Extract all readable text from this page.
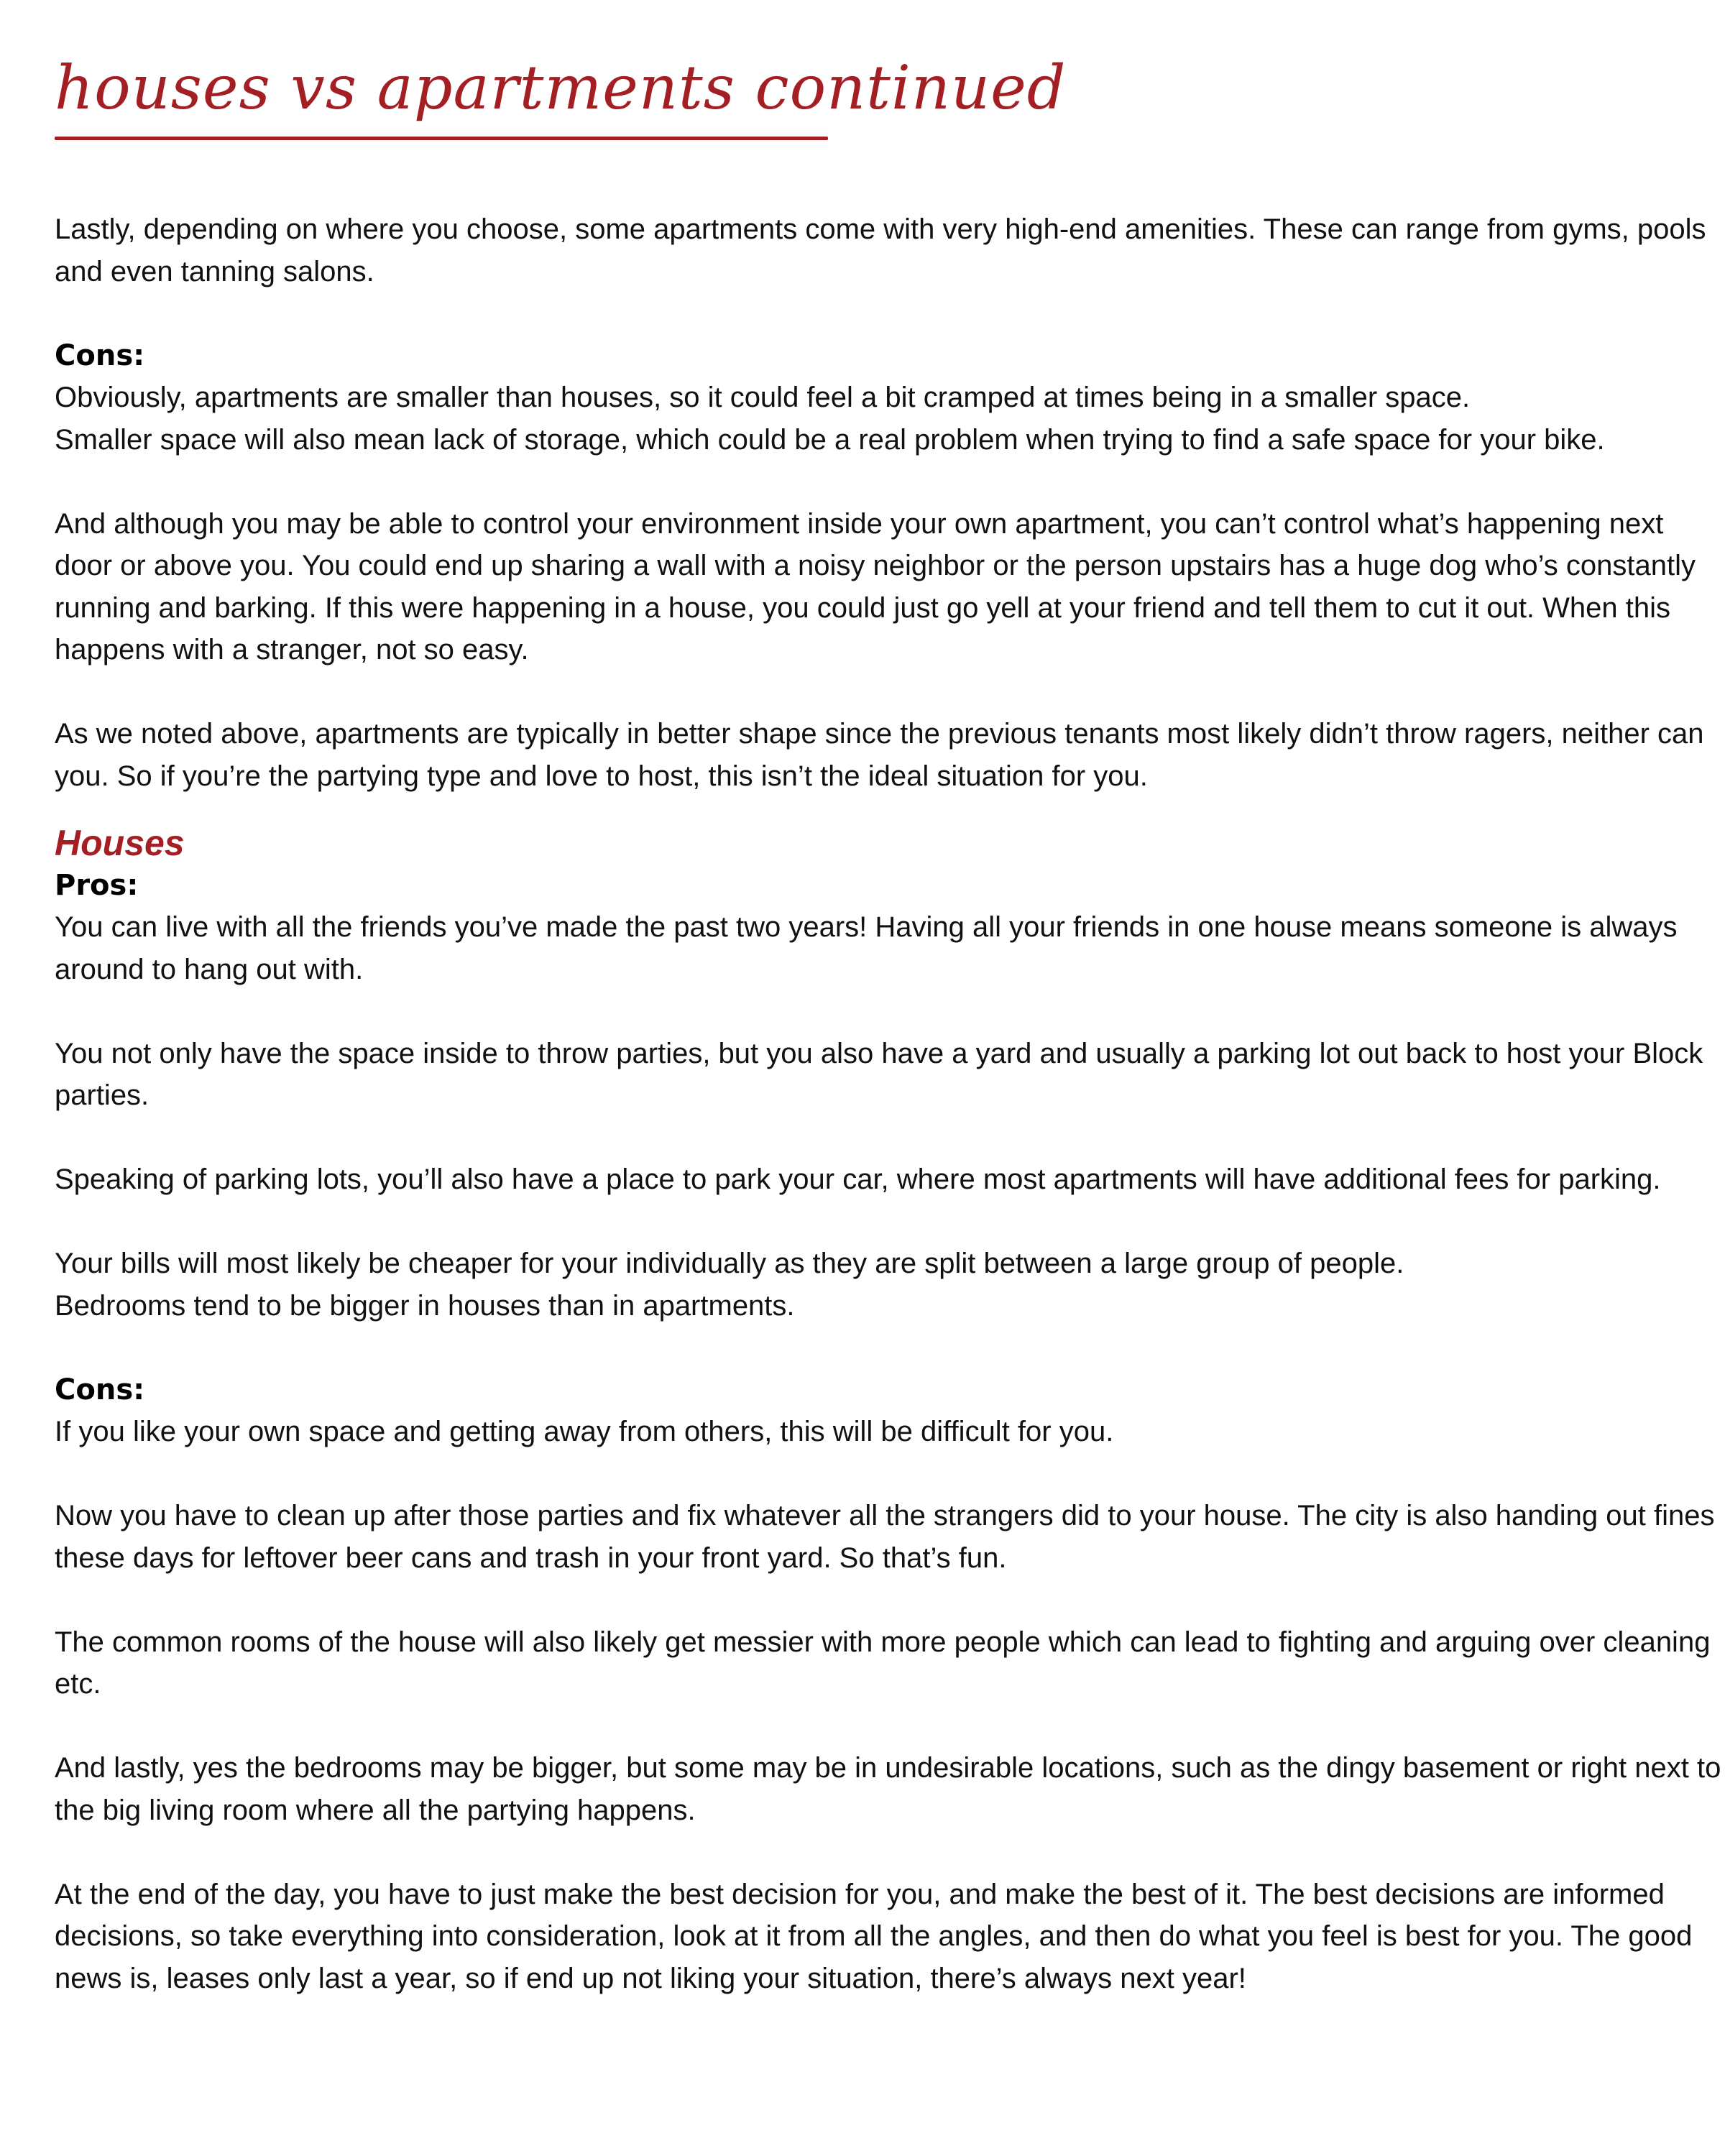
houses vs apartments continued

Lastly, depending on where you choose, some apartments come with very high-end amenities. These can range from gyms, pools and even tanning salons.

Cons:

Obviously, apartments are smaller than houses, so it could feel a bit cramped at times being in a smaller space.

Smaller space will also mean lack of storage, which could be a real problem when trying to find a safe space for your bike.

And although you may be able to control your environment inside your own apartment, you can’t control what’s happening next door or above you. You could end up sharing a wall with a noisy neighbor or the person upstairs has a huge dog who’s constantly running and barking. If this were happening in a house, you could just go yell at your friend and tell them to cut it out. When this happens with a stranger, not so easy.

As we noted above, apartments are typically in better shape since the previous tenants most likely didn’t throw ragers, neither can you. So if you’re the partying type and love to host, this isn’t the ideal situation for you.

Houses

Pros:

You can live with all the friends you’ve made the past two years! Having all your friends in one house means someone is always around to hang out with.

You not only have the space inside to throw parties, but you also have a yard and usually a parking lot out back to host your Block parties.

Speaking of parking lots, you’ll also have a place to park your car, where most apartments will have additional fees for parking.

Your bills will most likely be cheaper for your individually as they are split between a large group of people.

Bedrooms tend to be bigger in houses than in apartments.

Cons:

If you like your own space and getting away from others, this will be difficult for you.

Now you have to clean up after those parties and fix whatever all the strangers did to your house. The city is also handing out fines these days for leftover beer cans and trash in your front yard. So that’s fun.

The common rooms of the house will also likely get messier with more people which can lead to fighting and arguing over cleaning etc.

And lastly, yes the bedrooms may be bigger, but some may be in undesirable locations, such as the dingy basement or right next to the big living room where all the partying happens.

At the end of the day, you have to just make the best decision for you, and make the best of it. The best decisions are informed decisions, so take everything into consideration, look at it from all the angles, and then do what you feel is best for you. The good news is, leases only last a year, so if end up not liking your situation, there’s always next year!
